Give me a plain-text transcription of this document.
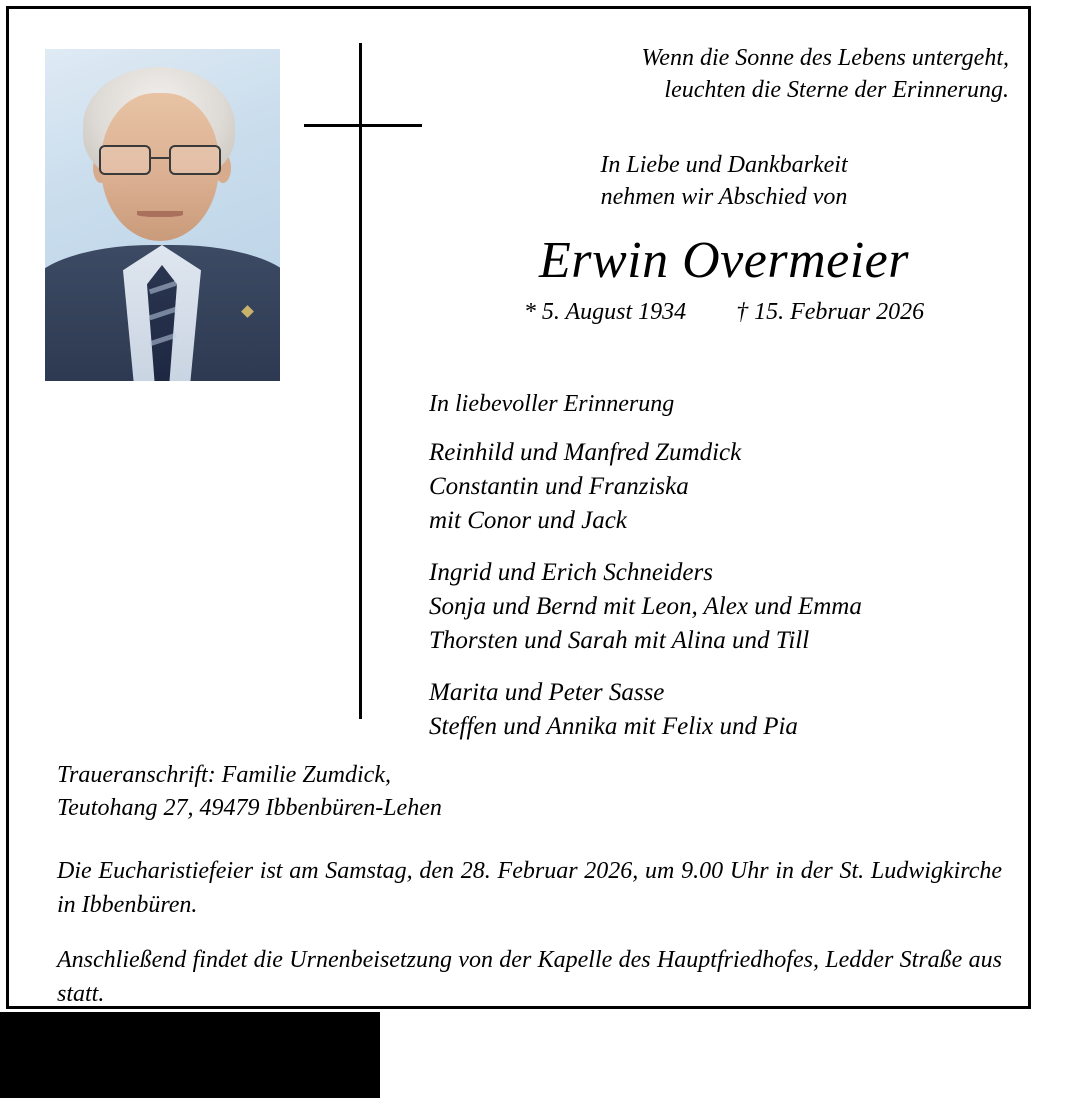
Wenn die Sonne des Lebens untergeht,
leuchten die Sterne der Erinnerung.
In Liebe und Dankbarkeit
nehmen wir Abschied von
Erwin Overmeier
* 5. August 1934 † 15. Februar 2026
In liebevoller Erinnerung
Reinhild und Manfred Zumdick
Constantin und Franziska
mit Conor und Jack
Ingrid und Erich Schneiders
Sonja und Bernd mit Leon, Alex und Emma
Thorsten und Sarah mit Alina und Till
Marita und Peter Sasse
Steffen und Annika mit Felix und Pia
Traueranschrift: Familie Zumdick,
Teutohang 27, 49479 Ibbenbüren-Lehen
Die Eucharistiefeier ist am Samstag, den 28. Februar 2026, um 9.00 Uhr in der St. Ludwigkirche in Ibbenbüren.
Anschließend findet die Urnenbeisetzung von der Kapelle des Hauptfriedhofes, Ledder Straße aus statt.
